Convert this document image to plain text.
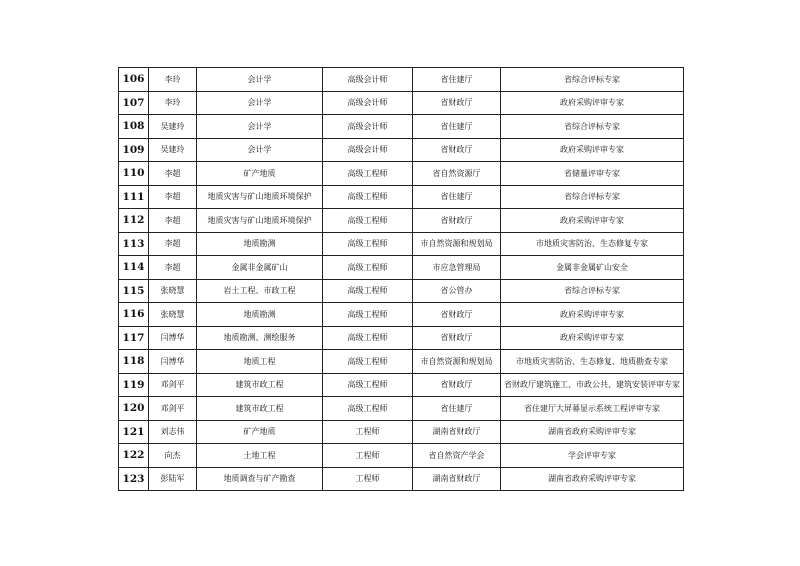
106	李玲	会计学	高级会计师	省住建厅	省综合评标专家
107	李玲	会计学	高级会计师	省财政厅	政府采购评审专家
108	吴建玲	会计学	高级会计师	省住建厅	省综合评标专家
109	吴建玲	会计学	高级会计师	省财政厅	政府采购评审专家
110	李超	矿产地质	高级工程师	省自然资源厅	省储量评审专家
111	李超	地质灾害与矿山地质环境保护	高级工程师	省住建厅	省综合评标专家
112	李超	地质灾害与矿山地质环境保护	高级工程师	省财政厅	政府采购评审专家
113	李超	地质勘测	高级工程师	市自然资源和规划局	市地质灾害防治、生态修复专家
114	李超	金属非金属矿山	高级工程师	市应急管理局	金属非金属矿山安全
115	张晓慧	岩土工程、市政工程	高级工程师	省公管办	省综合评标专家
116	张晓慧	地质勘测	高级工程师	省财政厅	政府采购评审专家
117	闫博华	地质勘测、测绘服务	高级工程师	省财政厅	政府采购评审专家
118	闫博华	地质工程	高级工程师	市自然资源和规划局	市地质灾害防治、生态修复、地质勘查专家
119	邓剑平	建筑市政工程	高级工程师	省财政厅	省财政厅建筑施工、市政公共、建筑安装评审专家
120	邓剑平	建筑市政工程	高级工程师	省住建厅	省住建厅大屏幕显示系统工程评审专家
121	刘志伟	矿产地质	工程师	湖南省财政厅	湖南省政府采购评审专家
122	向杰	土地工程	工程师	省自然资产学会	学会评审专家
123	彭陆军	地质调查与矿产勘查	工程师	湖南省财政厅	湖南省政府采购评审专家
